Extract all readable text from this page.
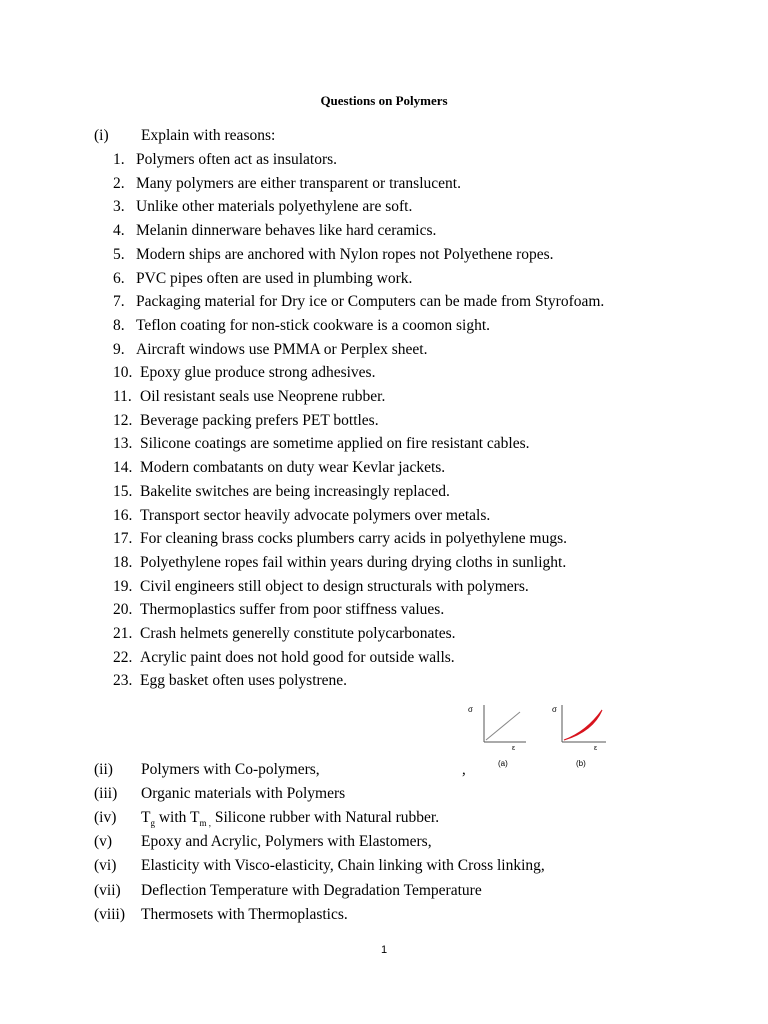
Questions on Polymers
(i) Explain with reasons:
1. Polymers often act as insulators.
2. Many polymers are either transparent or translucent.
3. Unlike other materials polyethylene are soft.
4. Melanin dinnerware behaves like hard ceramics.
5. Modern ships are anchored with Nylon ropes not Polyethene ropes.
6. PVC pipes often are used in plumbing work.
7. Packaging material for Dry ice or Computers can be made from Styrofoam.
8. Teflon coating for non-stick cookware is a coomon sight.
9. Aircraft windows use PMMA or Perplex sheet.
10. Epoxy glue produce strong adhesives.
11. Oil resistant seals use Neoprene rubber.
12. Beverage packing prefers PET bottles.
13. Silicone coatings are sometime applied on fire resistant cables.
14. Modern combatants on duty wear Kevlar jackets.
15. Bakelite switches are being increasingly replaced.
16. Transport sector heavily advocate polymers over metals.
17. For cleaning brass cocks plumbers carry acids in polyethylene mugs.
18. Polyethylene ropes fail within years during drying cloths in sunlight.
19. Civil engineers still object to design structurals with polymers.
20. Thermoplastics suffer from poor stiffness values.
21. Crash helmets generelly constitute polycarbonates.
22. Acrylic paint does not hold good for outside walls.
23. Egg basket often uses polystrene.
σ
ε
(a)
σ
ε
(b)
,
(ii) Polymers with Co-polymers,
(iii) Organic materials with Polymers
(iv) $T_g$ with $T_{m ,}$ Silicone rubber with Natural rubber.
(v) Epoxy and Acrylic, Polymers with Elastomers,
(vi) Elasticity with Visco-elasticity, Chain linking with Cross linking,
(vii) Deflection Temperature with Degradation Temperature
(viii) Thermosets with Thermoplastics.
1
